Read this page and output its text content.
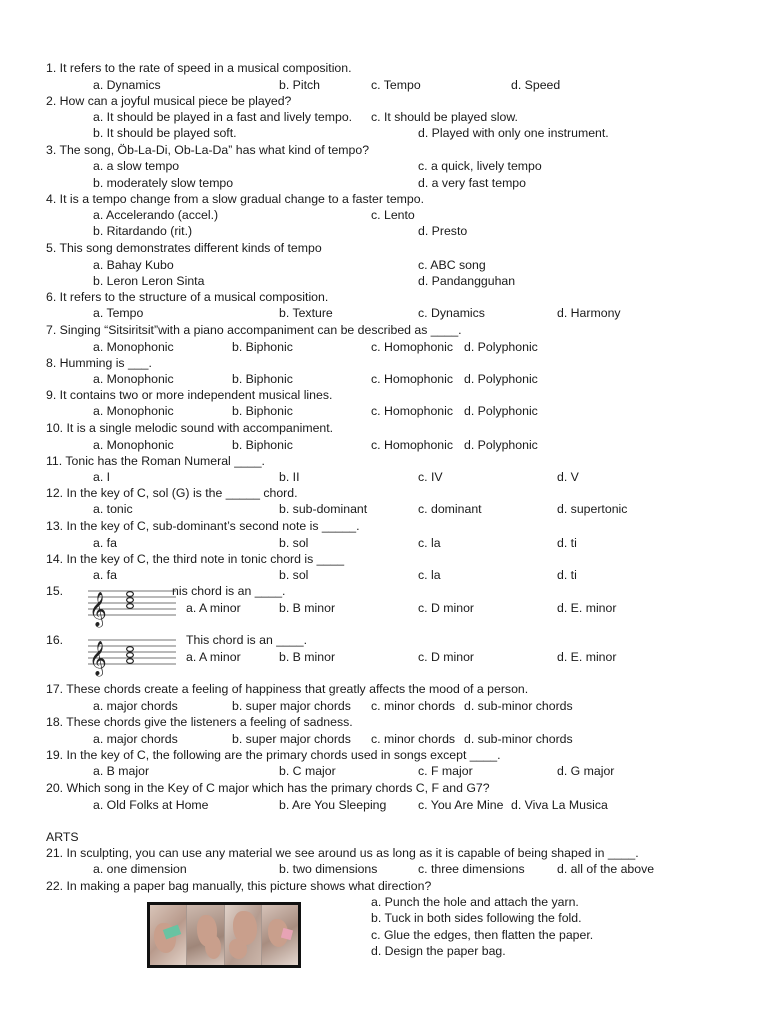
1. It refers to the rate of speed in a musical composition.
a. Dynamics	b. Pitch	c. Tempo	d. Speed
2. How can a joyful musical piece be played?
a. It should be played in a fast and lively tempo. c. It should be played slow.
b. It should be played soft.	d. Played with only one instrument.
3. The song, Öb-La-Di, Ob-La-Da” has what kind of tempo?
a. a slow tempo	c. a quick, lively tempo
b. moderately slow tempo	d. a very fast tempo
4. It is a tempo change from a slow gradual change to a faster tempo.
a. Accelerando (accel.)	c. Lento
b. Ritardando (rit.)	d. Presto
5. This song demonstrates different kinds of tempo
a. Bahay Kubo	c. ABC song
b. Leron Leron Sinta	d. Pandangguhan
6. It refers to the structure of a musical composition.
a. Tempo	b. Texture	c. Dynamics	d. Harmony
7. Singing “Sitsiritsit”with a piano accompaniment can be described as ____.
a. Monophonic	b. Biphonic	c. Homophonic d. Polyphonic
8. Humming is ___.
a. Monophonic	b. Biphonic	c. Homophonic d. Polyphonic
9. It contains two or more independent musical lines.
a. Monophonic	b. Biphonic	c. Homophonic d. Polyphonic
10. It is a single melodic sound with accompaniment.
a. Monophonic	b. Biphonic	c. Homophonic d. Polyphonic
11. Tonic has the Roman Numeral ____.
a. I	b. II	c. IV	d. V
12. In the key of C, sol (G) is the _____ chord.
a. tonic	b. sub-dominant	c. dominant	d. supertonic
13. In the key of C, sub-dominant’s second note is _____.
a. fa	b. sol	c. la	d. ti
14. In the key of C, the third note in tonic chord is ____
a. fa	b. sol	c. la	d. ti
15.
𝄞
nis chord is an ____.
a. A minor	b. B minor	c. D minor	d. E. minor
16.
𝄞
This chord is an ____.
a. A minor	b. B minor	c. D minor	d. E. minor
17. These chords create a feeling of happiness that greatly affects the mood of a person.
a. major chords	b. super major chords c. minor chords d. sub-minor chords
18. These chords give the listeners a feeling of sadness.
a. major chords	b. super major chords c. minor chords d. sub-minor chords
19. In the key of C, the following are the primary chords used in songs except ____.
a. B major	b. C major	c. F major	d. G major
20. Which song in the Key of C major which has the primary chords C, F and G7?
a. Old Folks at Home	b. Are You Sleeping	c. You Are Mine d. Viva La Musica
ARTS
21. In sculpting, you can use any material we see around us as long as it is capable of being shaped in ____.
a. one dimension	b. two dimensions	c. three dimensions	d. all of the above
22. In making a paper bag manually, this picture shows what direction?
a. Punch the hole and attach the yarn.
b. Tuck in both sides following the fold.
c. Glue the edges, then flatten the paper.
d. Design the paper bag.
